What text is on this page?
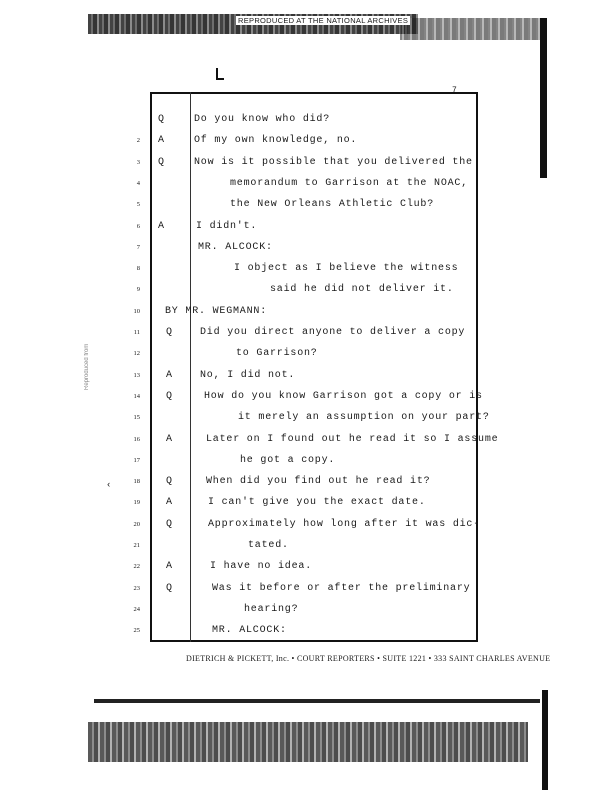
REPRODUCED AT THE NATIONAL ARCHIVES
7
Reproduced from
‹
Q	Do you know who did?
2 A	Of my own knowledge, no.
3 Q	Now is it possible that you delivered the
4	memorandum to Garrison at the NOAC,
5	the New Orleans Athletic Club?
6 A	I didn't.
7	MR. ALCOCK:
8	I object as I believe the witness
9	said he did not deliver it.
10	BY MR. WEGMANN:
11	Q	Did you direct anyone to deliver a copy
12	to Garrison?
13	A	No, I did not.
14	Q	How do you know Garrison got a copy or is
15	it merely an assumption on your part?
16	A	Later on I found out he read it so I assume
17	he got a copy.
18	Q	When did you find out he read it?
19	A	I can't give you the exact date.
20	Q	Approximately how long after it was dic-
21	tated.
22	A	I have no idea.
23	Q	Was it before or after the preliminary
24	hearing?
25	MR. ALCOCK:
DIETRICH & PICKETT, Inc. • COURT REPORTERS • SUITE 1221 • 333 SAINT CHARLES AVENUE
